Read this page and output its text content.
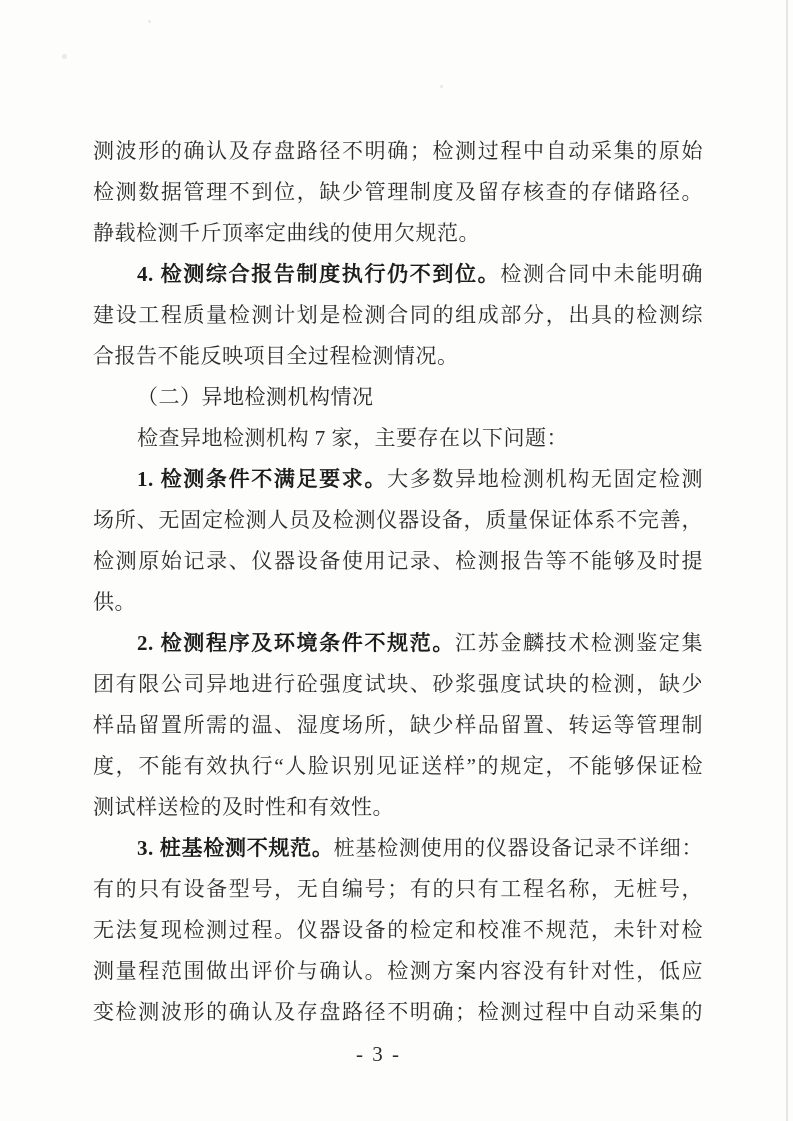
测波形的确认及存盘路径不明确；检测过程中自动采集的原始
检测数据管理不到位，缺少管理制度及留存核查的存储路径。
静载检测千斤顶率定曲线的使用欠规范。
4. 检测综合报告制度执行仍不到位。检测合同中未能明确
建设工程质量检测计划是检测合同的组成部分，出具的检测综
合报告不能反映项目全过程检测情况。
（二）异地检测机构情况
检查异地检测机构 7 家，主要存在以下问题：
1. 检测条件不满足要求。大多数异地检测机构无固定检测
场所、无固定检测人员及检测仪器设备，质量保证体系不完善，
检测原始记录、仪器设备使用记录、检测报告等不能够及时提
供。
2. 检测程序及环境条件不规范。江苏金麟技术检测鉴定集
团有限公司异地进行砼强度试块、砂浆强度试块的检测，缺少
样品留置所需的温、湿度场所，缺少样品留置、转运等管理制
度，不能有效执行“人脸识别见证送样”的规定，不能够保证检
测试样送检的及时性和有效性。
3. 桩基检测不规范。桩基检测使用的仪器设备记录不详细：
有的只有设备型号，无自编号；有的只有工程名称，无桩号，
无法复现检测过程。仪器设备的检定和校准不规范，未针对检
测量程范围做出评价与确认。检测方案内容没有针对性，低应
变检测波形的确认及存盘路径不明确；检测过程中自动采集的
- 3 -
